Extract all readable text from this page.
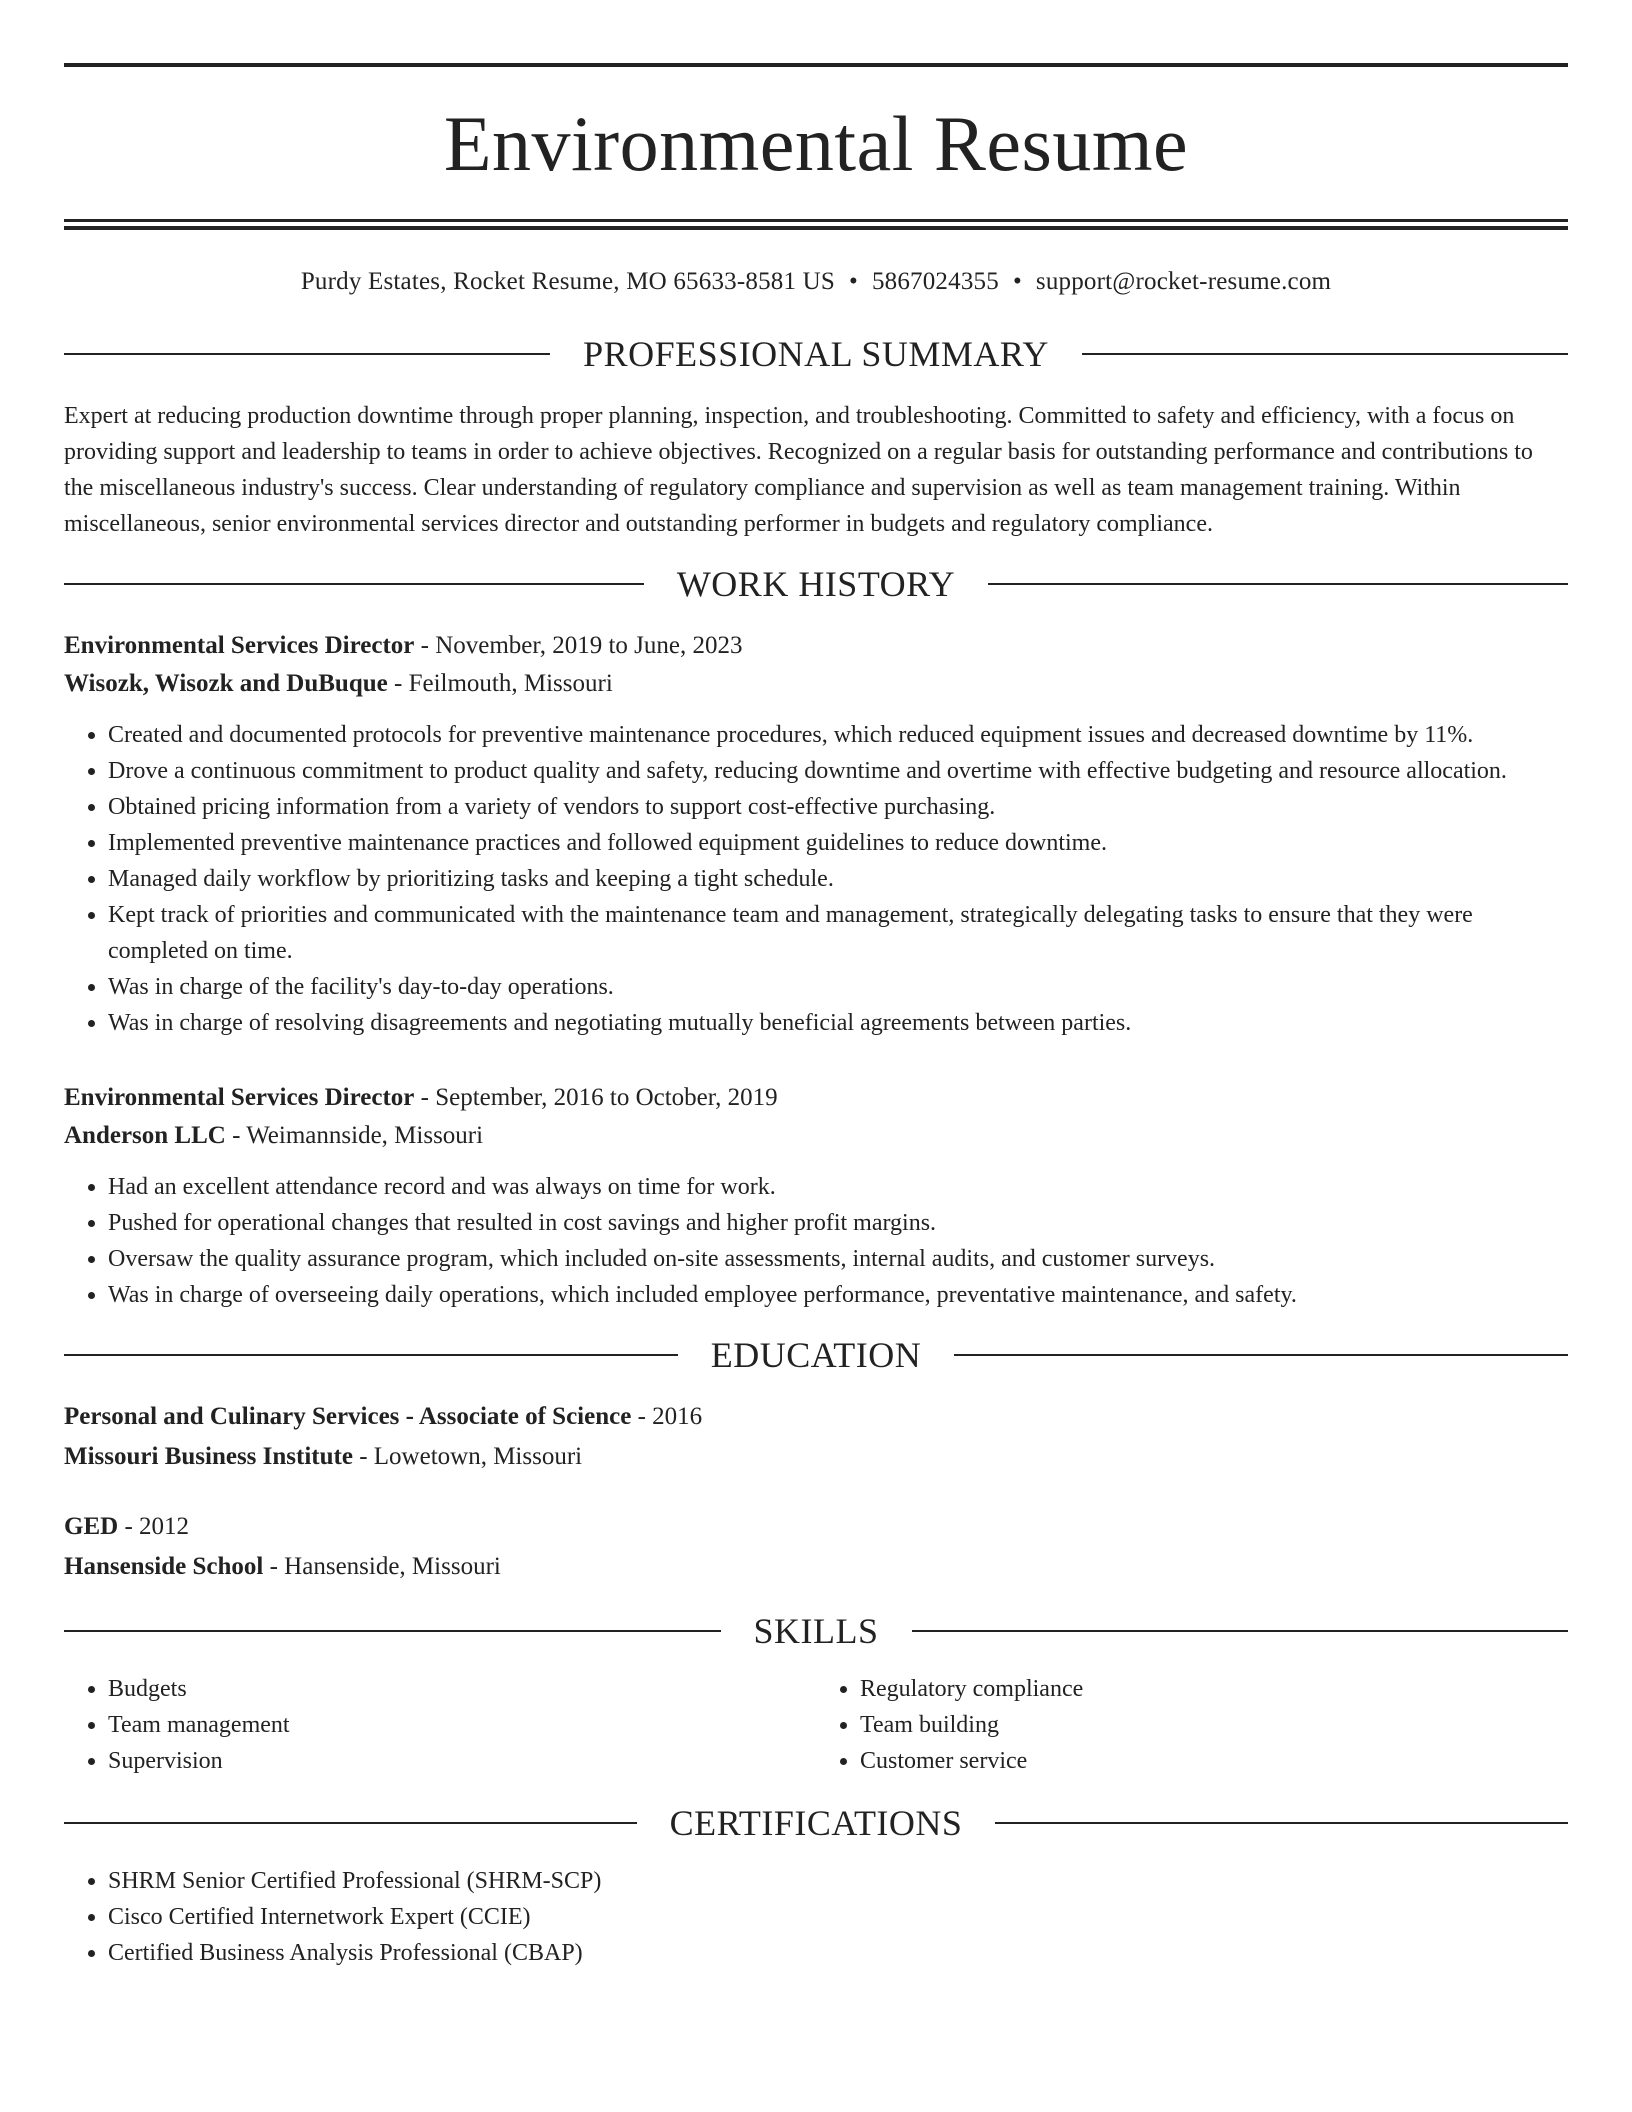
Environmental Resume
Purdy Estates, Rocket Resume, MO 65633-8581 US • 5867024355 • support@rocket-resume.com
PROFESSIONAL SUMMARY

Expert at reducing production downtime through proper planning, inspection, and troubleshooting. Committed to safety and efficiency, with a focus on providing support and leadership to teams in order to achieve objectives. Recognized on a regular basis for outstanding performance and contributions to the miscellaneous industry's success. Clear understanding of regulatory compliance and supervision as well as team management training. Within miscellaneous, senior environmental services director and outstanding performer in budgets and regulatory compliance.

WORK HISTORY
Environmental Services Director - November, 2019 to June, 2023
Wisozk, Wisozk and DuBuque - Feilmouth, Missouri
• Created and documented protocols for preventive maintenance procedures, which reduced equipment issues and decreased downtime by 11%.
• Drove a continuous commitment to product quality and safety, reducing downtime and overtime with effective budgeting and resource allocation.
• Obtained pricing information from a variety of vendors to support cost-effective purchasing.
• Implemented preventive maintenance practices and followed equipment guidelines to reduce downtime.
• Managed daily workflow by prioritizing tasks and keeping a tight schedule.
• Kept track of priorities and communicated with the maintenance team and management, strategically delegating tasks to ensure that they were completed on time.
• Was in charge of the facility's day-to-day operations.
• Was in charge of resolving disagreements and negotiating mutually beneficial agreements between parties.
Environmental Services Director - September, 2016 to October, 2019
Anderson LLC - Weimannside, Missouri
• Had an excellent attendance record and was always on time for work.
• Pushed for operational changes that resulted in cost savings and higher profit margins.
• Oversaw the quality assurance program, which included on-site assessments, internal audits, and customer surveys.
• Was in charge of overseeing daily operations, which included employee performance, preventative maintenance, and safety.
EDUCATION
Personal and Culinary Services - Associate of Science - 2016
Missouri Business Institute - Lowetown, Missouri
GED - 2012
Hansenside School - Hansenside, Missouri
SKILLS
• Budgets
• Team management
• Supervision
• Regulatory compliance
• Team building
• Customer service
CERTIFICATIONS
• SHRM Senior Certified Professional (SHRM-SCP)
• Cisco Certified Internetwork Expert (CCIE)
• Certified Business Analysis Professional (CBAP)
